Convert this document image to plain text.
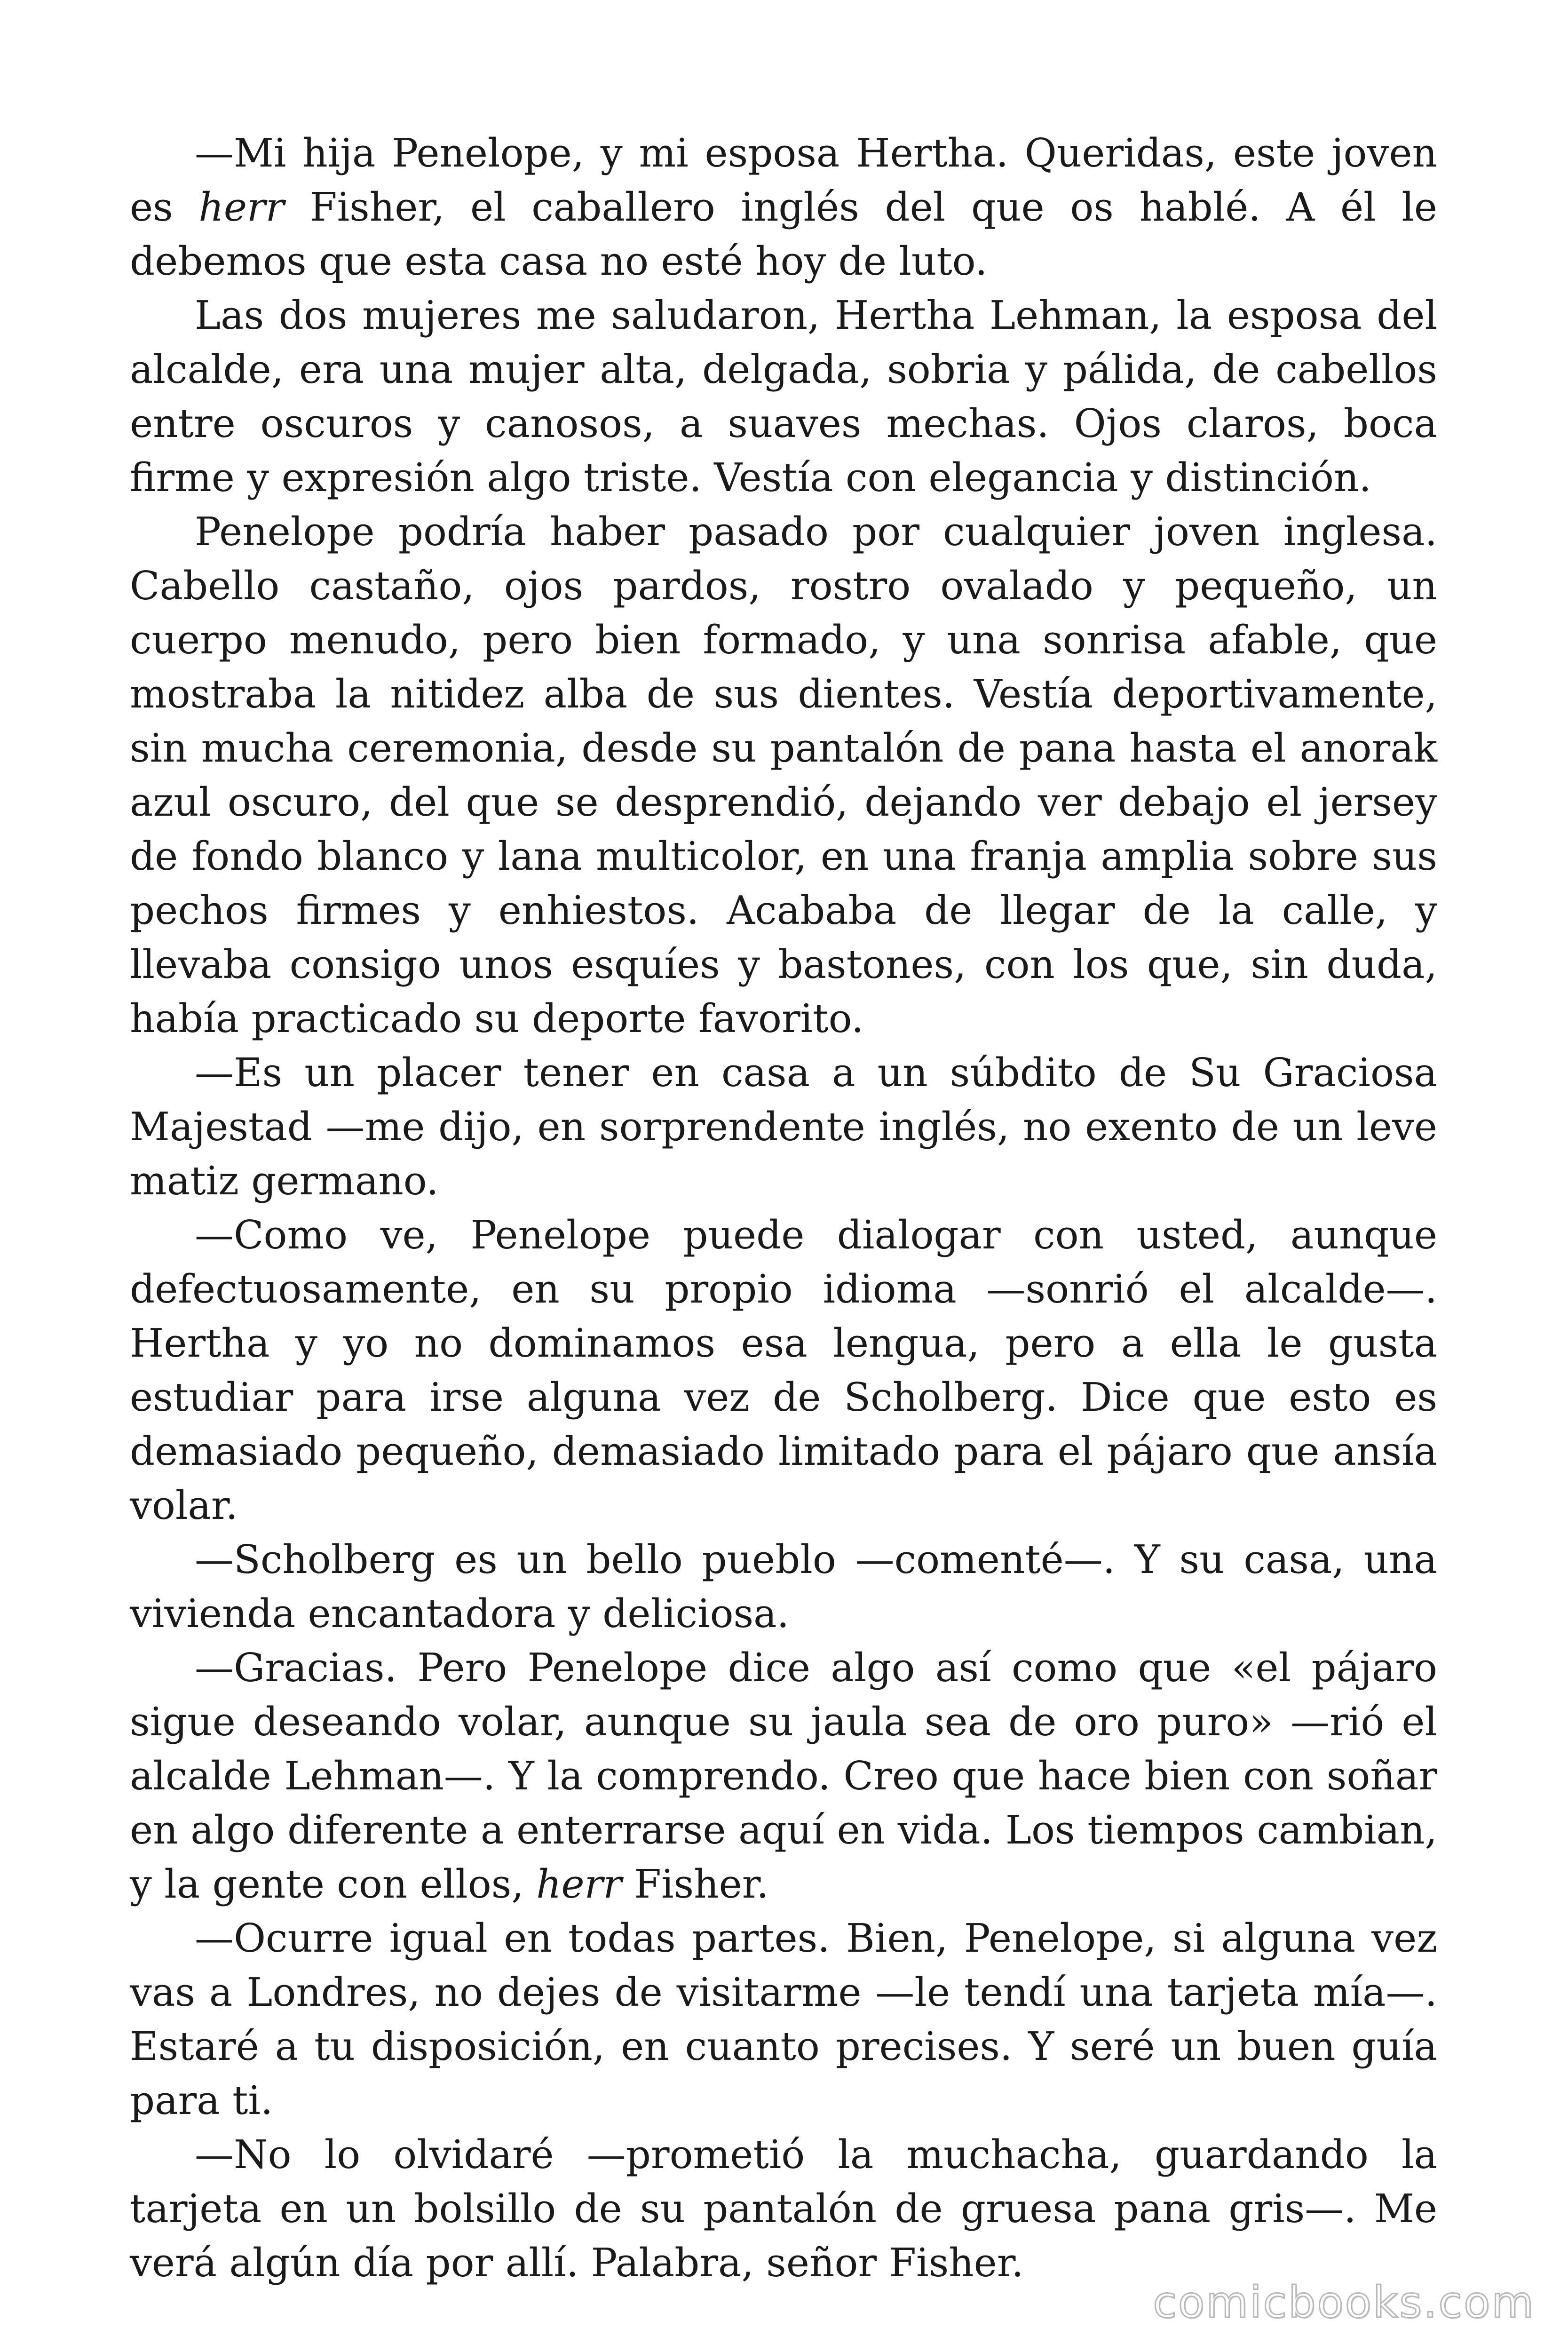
—Mi hija Penelope, y mi esposa Hertha. Queridas, este joven es herr Fisher, el caballero inglés del que os hablé. A él le debemos que esta casa no esté hoy de luto.

Las dos mujeres me saludaron, Hertha Lehman, la esposa del alcalde, era una mujer alta, delgada, sobria y pálida, de cabellos entre oscuros y canosos, a suaves mechas. Ojos claros, boca firme y expresión algo triste. Vestía con elegancia y distinción.

Penelope podría haber pasado por cualquier joven inglesa. Cabello castaño, ojos pardos, rostro ovalado y pequeño, un cuerpo menudo, pero bien formado, y una sonrisa afable, que mostraba la nitidez alba de sus dientes. Vestía deportivamente, sin mucha ceremonia, desde su pantalón de pana hasta el anorak azul oscuro, del que se desprendió, dejando ver debajo el jersey de fondo blanco y lana multicolor, en una franja amplia sobre sus pechos firmes y enhiestos. Acababa de llegar de la calle, y llevaba consigo unos esquíes y bastones, con los que, sin duda, había practicado su deporte favorito.

—Es un placer tener en casa a un súbdito de Su Graciosa Majestad —me dijo, en sorprendente inglés, no exento de un leve matiz germano.

—Como ve, Penelope puede dialogar con usted, aunque defectuosamente, en su propio idioma —sonrió el alcalde—. Hertha y yo no dominamos esa lengua, pero a ella le gusta estudiar para irse alguna vez de Scholberg. Dice que esto es demasiado pequeño, demasiado limitado para el pájaro que ansía volar.

—Scholberg es un bello pueblo —comenté—. Y su casa, una vivienda encantadora y deliciosa.

—Gracias. Pero Penelope dice algo así como que «el pájaro sigue deseando volar, aunque su jaula sea de oro puro» —rió el alcalde Lehman—. Y la comprendo. Creo que hace bien con soñar en algo diferente a enterrarse aquí en vida. Los tiempos cambian, y la gente con ellos, herr Fisher.

—Ocurre igual en todas partes. Bien, Penelope, si alguna vez vas a Londres, no dejes de visitarme —le tendí una tarjeta mía—. Estaré a tu disposición, en cuanto precises. Y seré un buen guía para ti.

—No lo olvidaré —prometió la muchacha, guardando la tarjeta en un bolsillo de su pantalón de gruesa pana gris—. Me verá algún día por allí. Palabra, señor Fisher.

comicbooks.com
